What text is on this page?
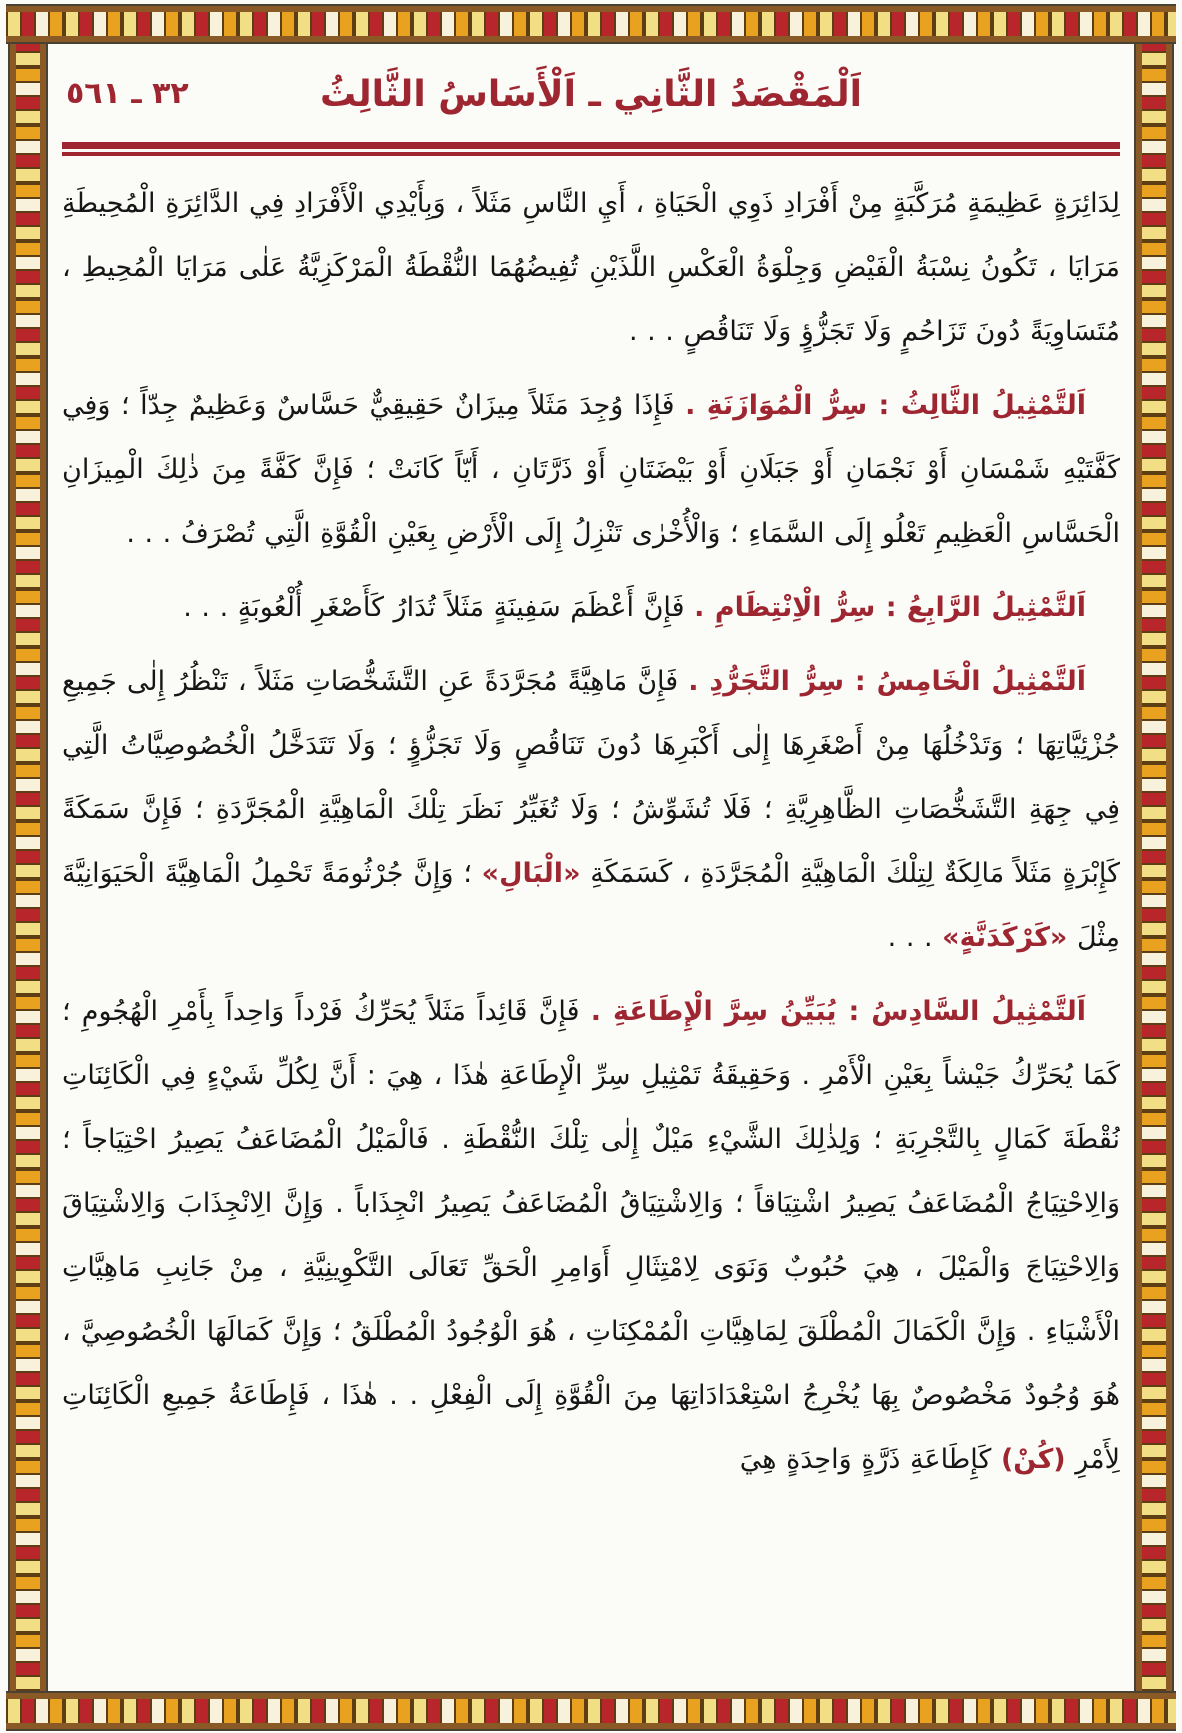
٣٢ ـ ٥٦١	اَلْمَقْصَدُ الثَّانِي ـ اَلْأَسَاسُ الثَّالِثُ

لِدَائِرَةٍ عَظِيمَةٍ مُرَكَّبَةٍ مِنْ أَفْرَادِ ذَوِي الْحَيَاةِ ، أَيِ النَّاسِ مَثَلاً ، وَبِأَيْدِي الْأَفْرَادِ فِي الدَّائِرَةِ الْمُحِيطَةِ مَرَايَا ، تَكُونُ نِسْبَةُ الْفَيْضِ وَجِلْوَةُ الْعَكْسِ اللَّذَيْنِ تُفِيضُهُمَا النُّقْطَةُ الْمَرْكَزِيَّةُ عَلٰى مَرَايَا الْمُحِيطِ ، مُتَسَاوِيَةً دُونَ تَزَاحُمٍ وَلَا تَجَزُّؤٍ وَلَا تَنَاقُصٍ . . .

اَلتَّمْثِيلُ الثَّالِثُ : سِرُّ الْمُوَازَنَةِ . فَإِذَا وُجِدَ مَثَلاً مِيزَانٌ حَقِيقِيٌّ حَسَّاسٌ وَعَظِيمٌ جِدّاً ؛ وَفِي كَفَّتَيْهِ شَمْسَانِ أَوْ نَجْمَانِ أَوْ جَبَلَانِ أَوْ بَيْضَتَانِ أَوْ ذَرَّتَانِ ، أَيّاً كَانَتْ ؛ فَإِنَّ كَفَّةً مِنَ ذٰلِكَ الْمِيزَانِ الْحَسَّاسِ الْعَظِيمِ تَعْلُو إِلَى السَّمَاءِ ؛ وَالْأُخْرٰى تَنْزِلُ إِلَى الْأَرْضِ بِعَيْنِ الْقُوَّةِ الَّتِي تُصْرَفُ . . .

اَلتَّمْثِيلُ الرَّابِعُ : سِرُّ الْاِنْتِظَامِ . فَإِنَّ أَعْظَمَ سَفِينَةٍ مَثَلاً تُدَارُ كَأَصْغَرِ أُلْعُوبَةٍ . . .

اَلتَّمْثِيلُ الْخَامِسُ : سِرُّ التَّجَرُّدِ . فَإِنَّ مَاهِيَّةً مُجَرَّدَةً عَنِ التَّشَخُّصَاتِ مَثَلاً ، تَنْظُرُ إِلٰى جَمِيعِ جُزْئِيَّاتِهَا ؛ وَتَدْخُلُهَا مِنْ أَصْغَرِهَا إِلٰى أَكْبَرِهَا دُونَ تَنَاقُصٍ وَلَا تَجَزُّؤٍ ؛ وَلَا تَتَدَخَّلُ الْخُصُوصِيَّاتُ الَّتِي فِي جِهَةِ التَّشَخُّصَاتِ الظَّاهِرِيَّةِ ؛ فَلَا تُشَوِّشُ ؛ وَلَا تُغَيِّرُ نَظَرَ تِلْكَ الْمَاهِيَّةِ الْمُجَرَّدَةِ ؛ فَإِنَّ سَمَكَةً كَإِبْرَةٍ مَثَلاً مَالِكَةٌ لِتِلْكَ الْمَاهِيَّةِ الْمُجَرَّدَةِ ، كَسَمَكَةِ «الْبَالِ» ؛ وَإِنَّ جُرْثُومَةً تَحْمِلُ الْمَاهِيَّةَ الْحَيَوَانِيَّةَ مِثْلَ «كَرْكَدَنَّةٍ» . . .

اَلتَّمْثِيلُ السَّادِسُ : يُبَيِّنُ سِرَّ الْإِطَاعَةِ . فَإِنَّ قَائِداً مَثَلاً يُحَرِّكُ فَرْداً وَاحِداً بِأَمْرِ الْهُجُومِ ؛ كَمَا يُحَرِّكُ جَيْشاً بِعَيْنِ الْأَمْرِ . وَحَقِيقَةُ تَمْثِيلِ سِرِّ الْإِطَاعَةِ هٰذَا ، هِيَ : أَنَّ لِكُلِّ شَيْءٍ فِي الْكَائِنَاتِ نُقْطَةَ كَمَالٍ بِالتَّجْرِبَةِ ؛ وَلِذٰلِكَ الشَّيْءِ مَيْلٌ إِلٰى تِلْكَ النُّقْطَةِ . فَالْمَيْلُ الْمُضَاعَفُ يَصِيرُ احْتِيَاجاً ؛ وَالِاحْتِيَاجُ الْمُضَاعَفُ يَصِيرُ اشْتِيَاقاً ؛ وَالِاشْتِيَاقُ الْمُضَاعَفُ يَصِيرُ انْجِذَاباً . وَإِنَّ الِانْجِذَابَ وَالِاشْتِيَاقَ وَالِاحْتِيَاجَ وَالْمَيْلَ ، هِيَ حُبُوبٌ وَنَوَى لِامْتِثَالِ أَوَامِرِ الْحَقِّ تَعَالَى التَّكْوِينِيَّةِ ، مِنْ جَانِبِ مَاهِيَّاتِ الْأَشْيَاءِ . وَإِنَّ الْكَمَالَ الْمُطْلَقَ لِمَاهِيَّاتِ الْمُمْكِنَاتِ ، هُوَ الْوُجُودُ الْمُطْلَقُ ؛ وَإِنَّ كَمَالَهَا الْخُصُوصِيَّ ، هُوَ وُجُودٌ مَخْصُوصٌ بِهَا يُخْرِجُ اسْتِعْدَادَاتِهَا مِنَ الْقُوَّةِ إِلَى الْفِعْلِ . . هٰذَا ، فَإِطَاعَةُ جَمِيعِ الْكَائِنَاتِ لِأَمْرِ (كُنْ) كَإِطَاعَةِ ذَرَّةٍ وَاحِدَةٍ هِيَ
